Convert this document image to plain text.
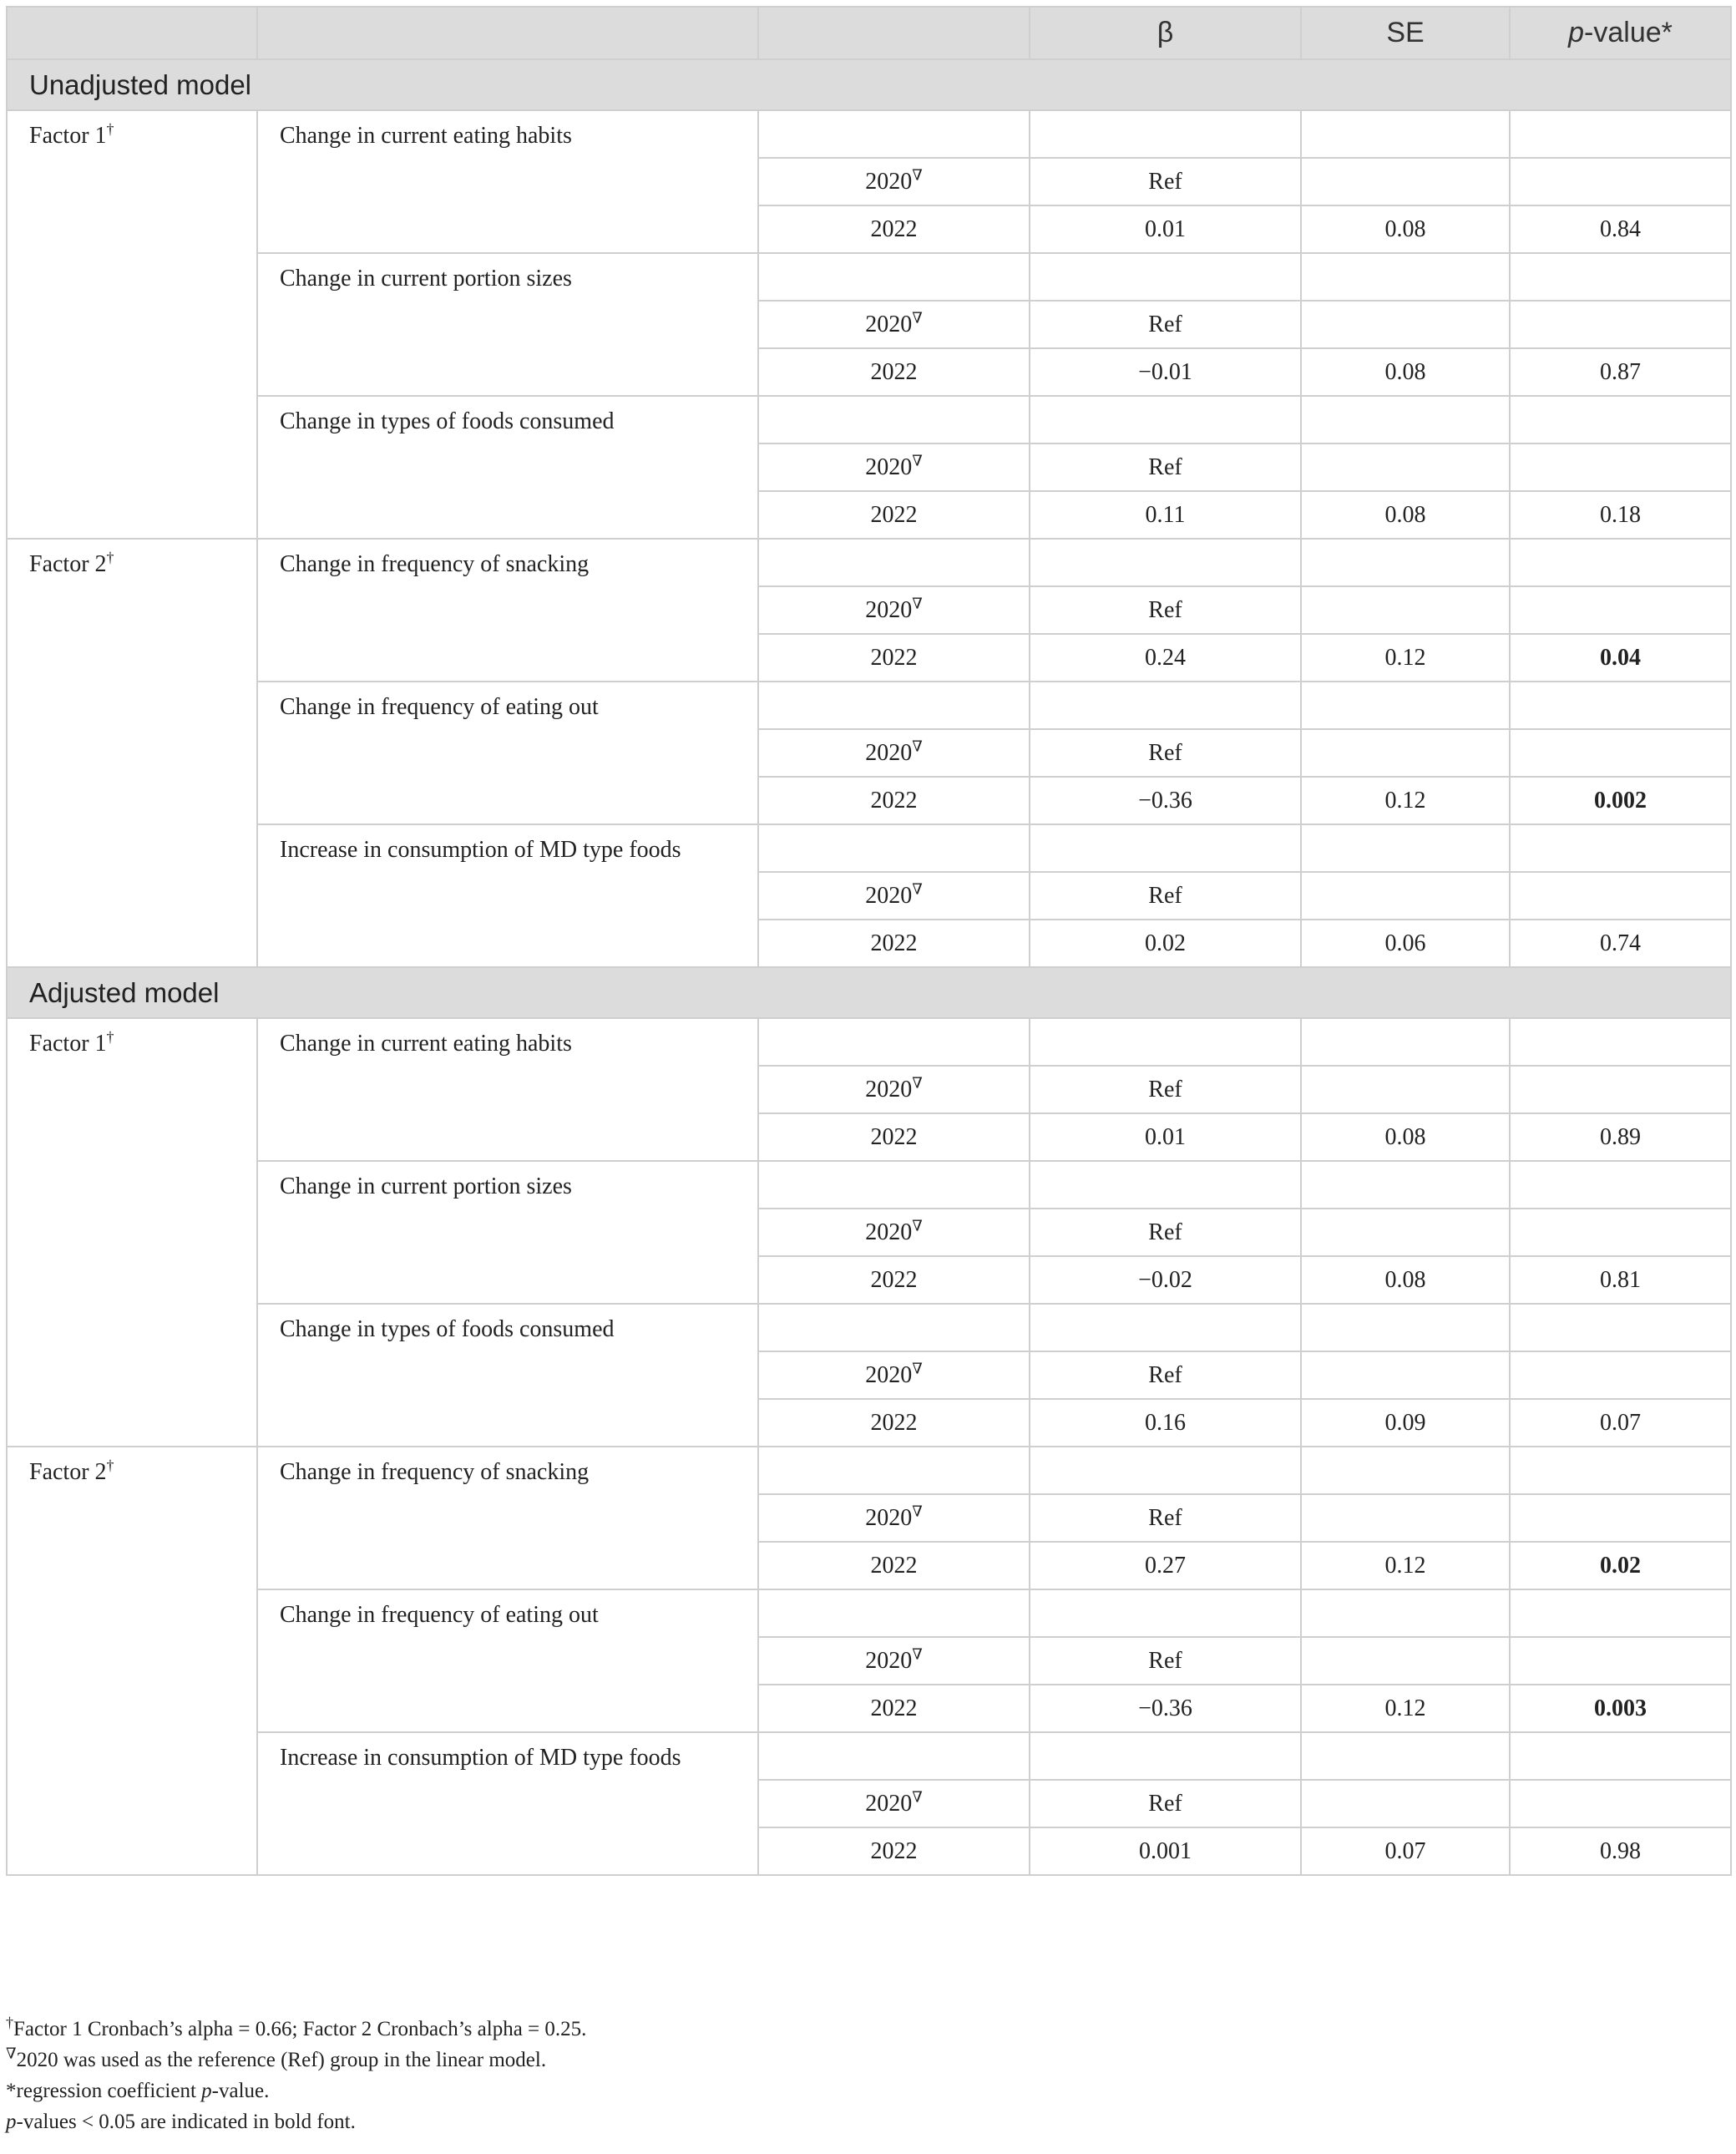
			β	SE	p-value*
Unadjusted model					
Factor 1†	Change in current eating habits				
		2020∇	Ref		
		2022	0.01	0.08	0.84
	Change in current portion sizes				
		2020∇	Ref		
		2022	−0.01	0.08	0.87
	Change in types of foods consumed				
		2020∇	Ref		
		2022	0.11	0.08	0.18
Factor 2†	Change in frequency of snacking				
		2020∇	Ref		
		2022	0.24	0.12	0.04
	Change in frequency of eating out				
		2020∇	Ref		
		2022	−0.36	0.12	0.002
	Increase in consumption of MD type foods				
		2020∇	Ref		
		2022	0.02	0.06	0.74
Adjusted model					
Factor 1†	Change in current eating habits				
		2020∇	Ref		
		2022	0.01	0.08	0.89
	Change in current portion sizes				
		2020∇	Ref		
		2022	−0.02	0.08	0.81
	Change in types of foods consumed				
		2020∇	Ref		
		2022	0.16	0.09	0.07
Factor 2†	Change in frequency of snacking				
		2020∇	Ref		
		2022	0.27	0.12	0.02
	Change in frequency of eating out				
		2020∇	Ref		
		2022	−0.36	0.12	0.003
	Increase in consumption of MD type foods				
		2020∇	Ref		
		2022	0.001	0.07	0.98
†Factor 1 Cronbach’s alpha = 0.66; Factor 2 Cronbach’s alpha = 0.25.
∇2020 was used as the reference (Ref) group in the linear model.
*regression coefficient p-value.
p-values < 0.05 are indicated in bold font.
